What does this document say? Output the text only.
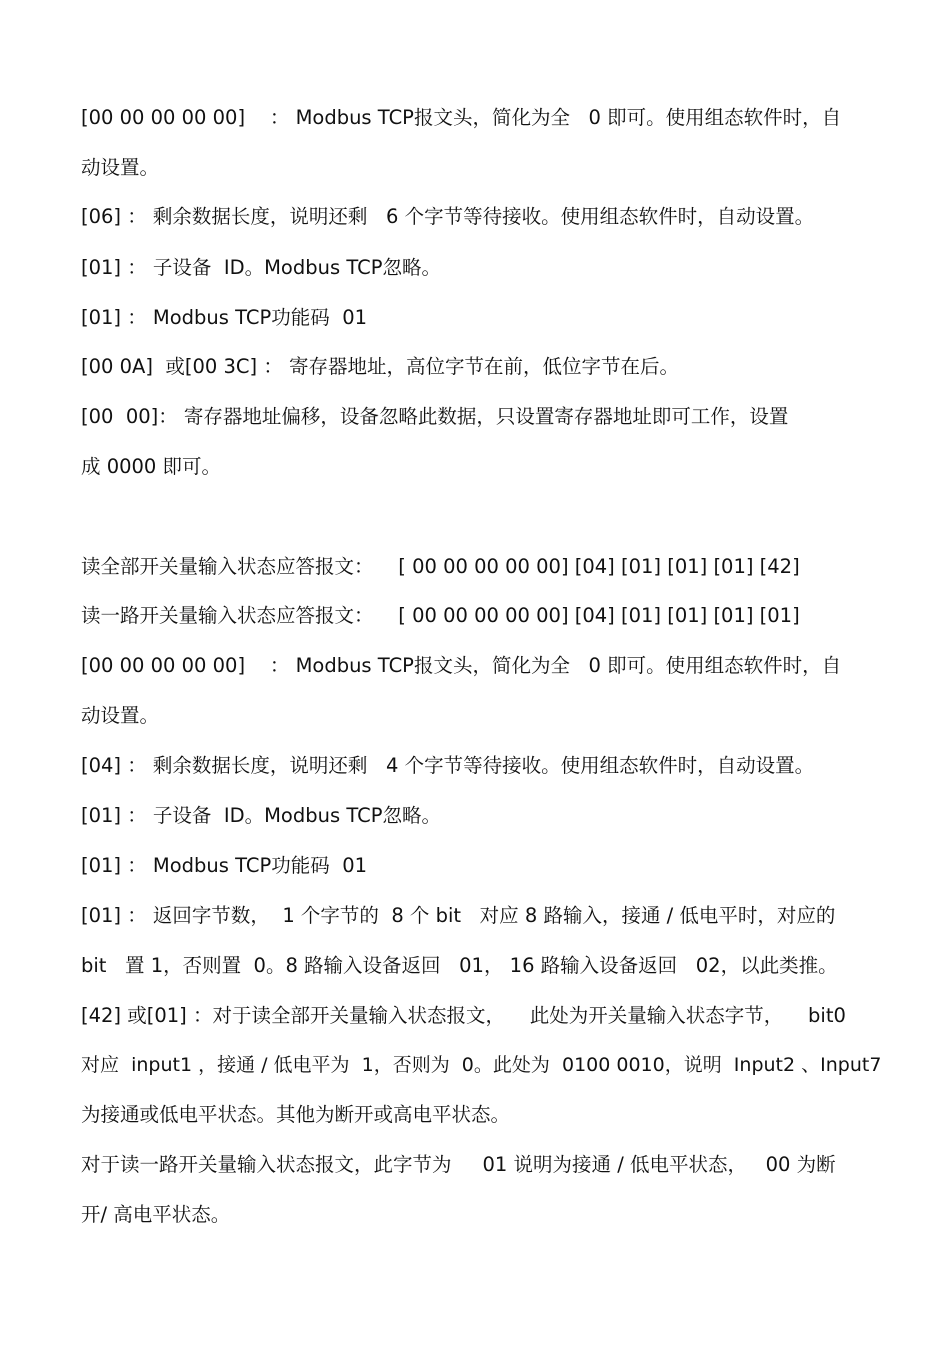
[00 00 00 00 00]    ： Modbus TCP报文头，简化为全   0 即可。使用组态软件时，自
动设置。
[06] ： 剩余数据长度，说明还剩   6 个字节等待接收。使用组态软件时，自动设置。
[01] ： 子设备  ID。Modbus TCP忽略。
[01] ： Modbus TCP功能码  01
[00 0A]  或[00 3C] ： 寄存器地址，高位字节在前，低位字节在后。
[00  00]： 寄存器地址偏移，设备忽略此数据，只设置寄存器地址即可工作，设置
成 0000 即可。
读全部开关量输入状态应答报文：    [ 00 00 00 00 00] [04] [01] [01] [01] [42]
读一路开关量输入状态应答报文：    [ 00 00 00 00 00] [04] [01] [01] [01] [01]
[00 00 00 00 00]    ： Modbus TCP报文头，简化为全   0 即可。使用组态软件时，自
动设置。
[04] ： 剩余数据长度，说明还剩   4 个字节等待接收。使用组态软件时，自动设置。
[01] ： 子设备  ID。Modbus TCP忽略。
[01] ： Modbus TCP功能码  01
[01] ： 返回字节数，  1 个字节的  8 个 bit   对应 8 路输入，接通 / 低电平时，对应的
bit   置 1，否则置  0。8 路输入设备返回   01， 16 路输入设备返回   02，以此类推。
[42] 或[01] ：对于读全部开关量输入状态报文，    此处为开关量输入状态字节，    bit0
对应  input1 ，接通 / 低电平为  1，否则为  0。此处为  0100 0010，说明  Input2 、Input7
为接通或低电平状态。其他为断开或高电平状态。
对于读一路开关量输入状态报文，此字节为     01 说明为接通 / 低电平状态，   00 为断
开/ 高电平状态。
